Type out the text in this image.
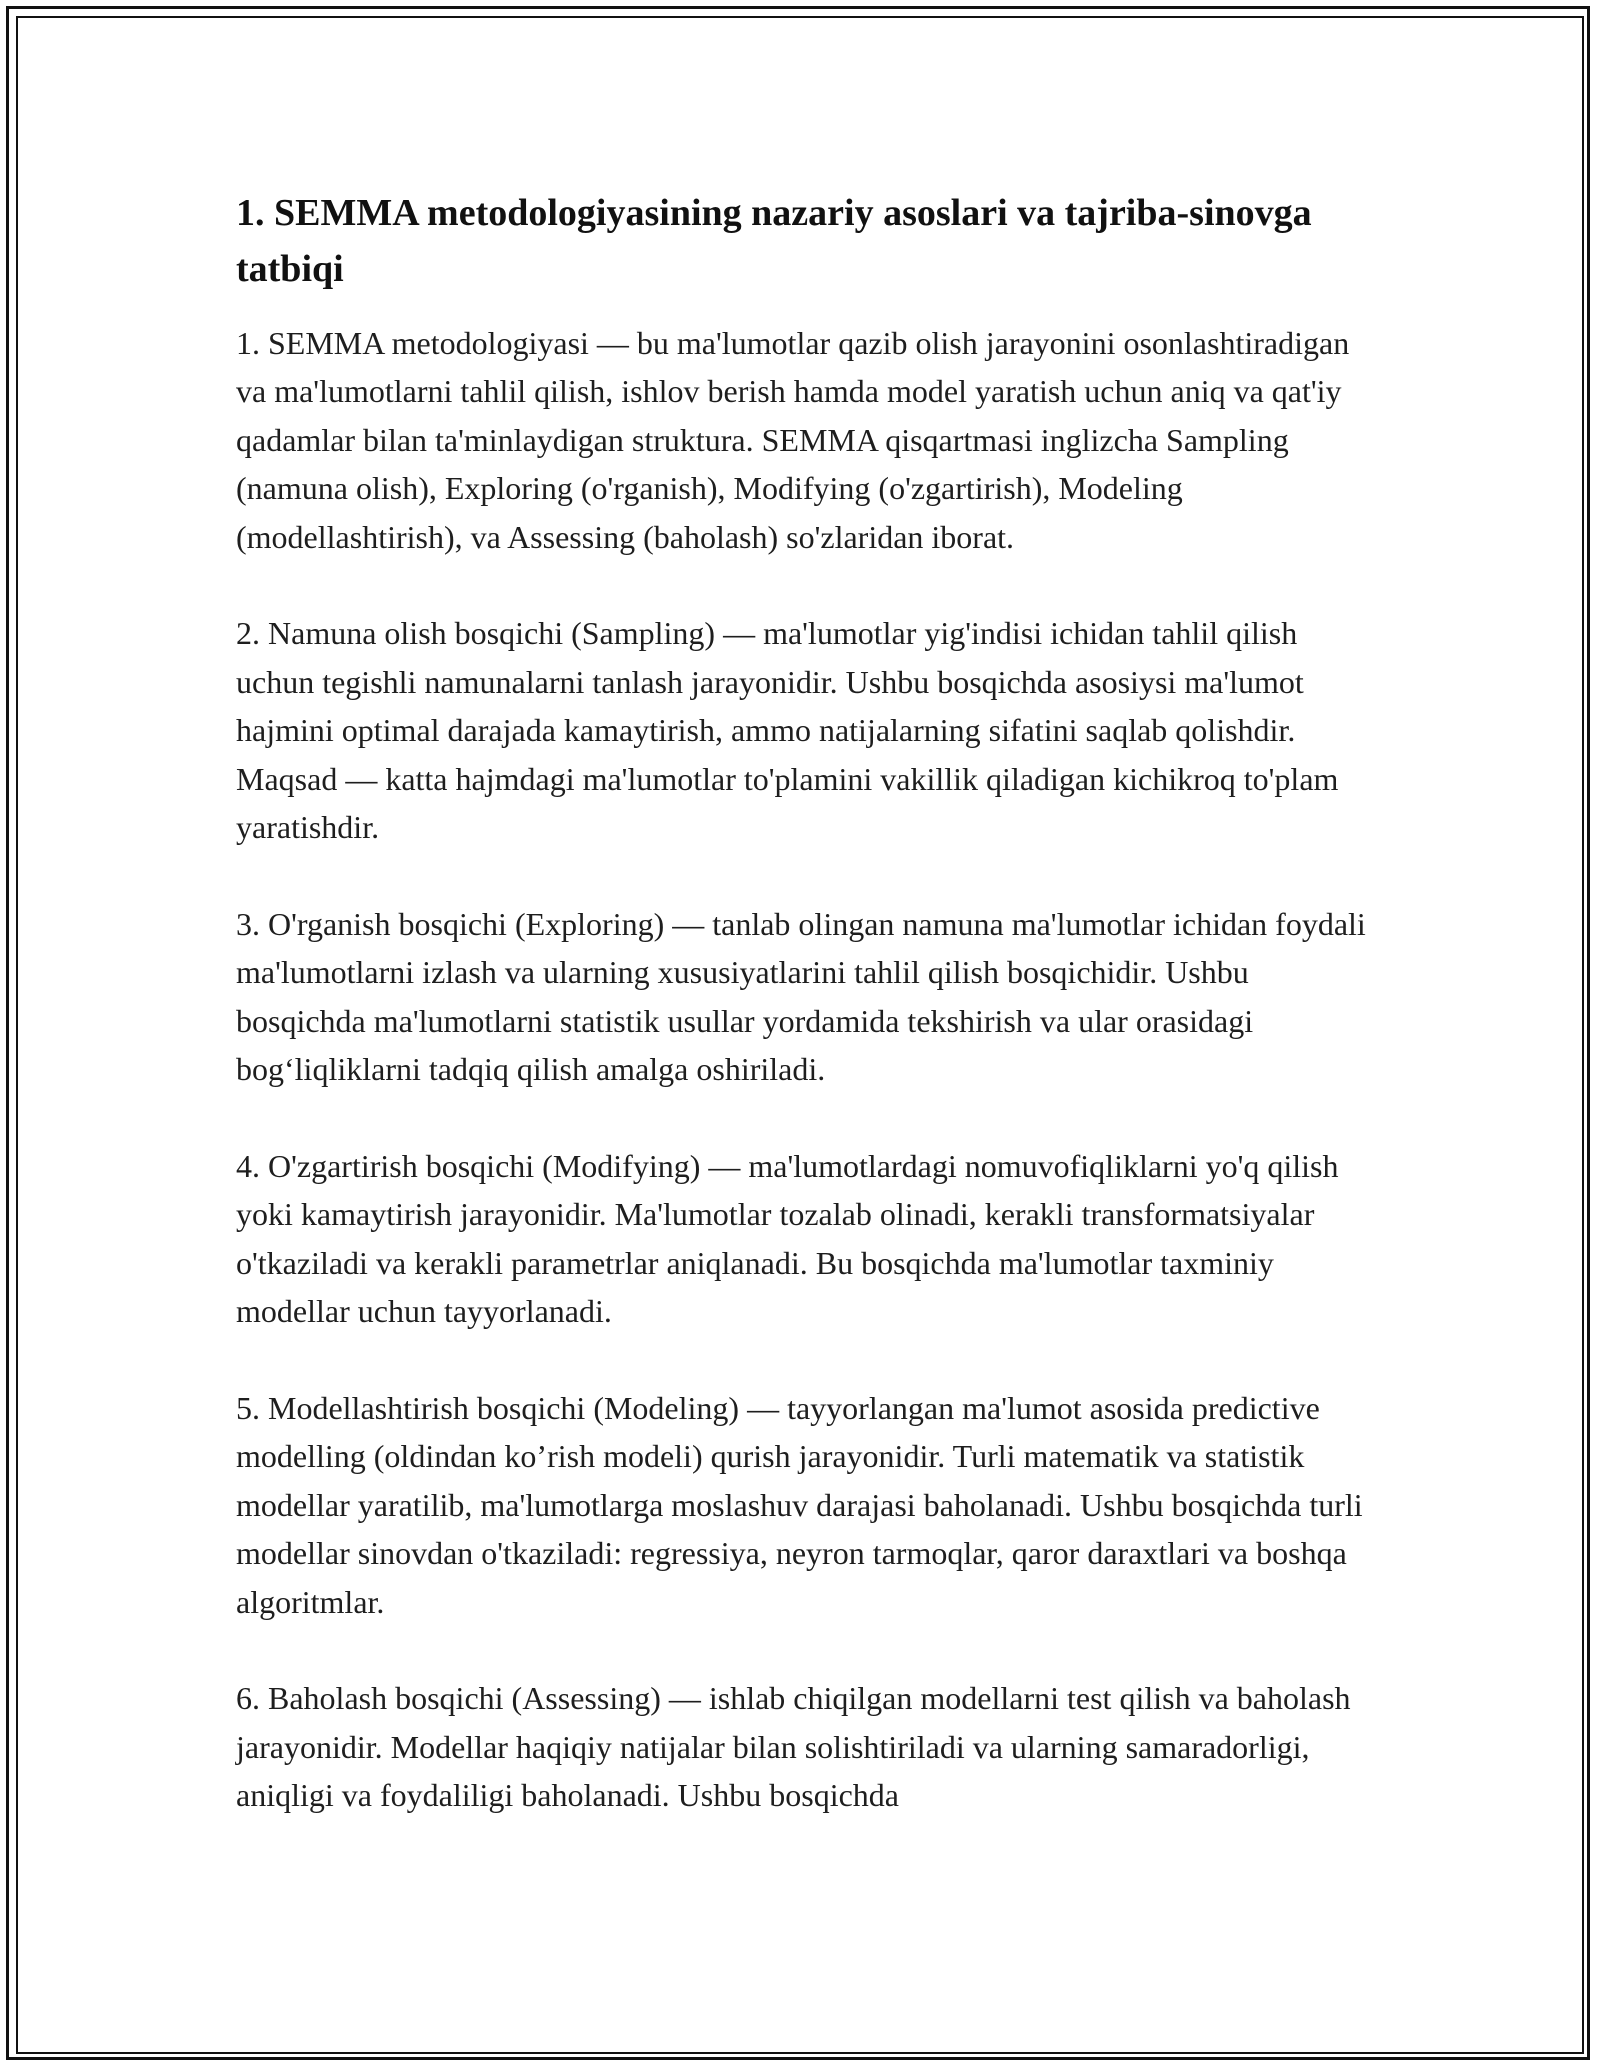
1. SEMMA metodologiyasining nazariy asoslari va tajriba-sinovga tatbiqi

1. SEMMA metodologiyasi — bu ma'lumotlar qazib olish jarayonini osonlashtiradigan va ma'lumotlarni tahlil qilish, ishlov berish hamda model yaratish uchun aniq va qat'iy qadamlar bilan ta'minlaydigan struktura. SEMMA qisqartmasi inglizcha Sampling (namuna olish), Exploring (o'rganish), Modifying (o'zgartirish), Modeling (modellashtirish), va Assessing (baholash) so'zlaridan iborat.

2. Namuna olish bosqichi (Sampling) — ma'lumotlar yig'indisi ichidan tahlil qilish uchun tegishli namunalarni tanlash jarayonidir. Ushbu bosqichda asosiysi ma'lumot hajmini optimal darajada kamaytirish, ammo natijalarning sifatini saqlab qolishdir. Maqsad — katta hajmdagi ma'lumotlar to'plamini vakillik qiladigan kichikroq to'plam yaratishdir.

3. O'rganish bosqichi (Exploring) — tanlab olingan namuna ma'lumotlar ichidan foydali ma'lumotlarni izlash va ularning xususiyatlarini tahlil qilish bosqichidir. Ushbu bosqichda ma'lumotlarni statistik usullar yordamida tekshirish va ular orasidagi bog‘liqliklarni tadqiq qilish amalga oshiriladi.

4. O'zgartirish bosqichi (Modifying) — ma'lumotlardagi nomuvofiqliklarni yo'q qilish yoki kamaytirish jarayonidir. Ma'lumotlar tozalab olinadi, kerakli transformatsiyalar o'tkaziladi va kerakli parametrlar aniqlanadi. Bu bosqichda ma'lumotlar taxminiy modellar uchun tayyorlanadi.

5. Modellashtirish bosqichi (Modeling) — tayyorlangan ma'lumot asosida predictive modelling (oldindan ko’rish modeli) qurish jarayonidir. Turli matematik va statistik modellar yaratilib, ma'lumotlarga moslashuv darajasi baholanadi. Ushbu bosqichda turli modellar sinovdan o'tkaziladi: regressiya, neyron tarmoqlar, qaror daraxtlari va boshqa algoritmlar.

6. Baholash bosqichi (Assessing) — ishlab chiqilgan modellarni test qilish va baholash jarayonidir. Modellar haqiqiy natijalar bilan solishtiriladi va ularning samaradorligi, aniqligi va foydaliligi baholanadi. Ushbu bosqichda
